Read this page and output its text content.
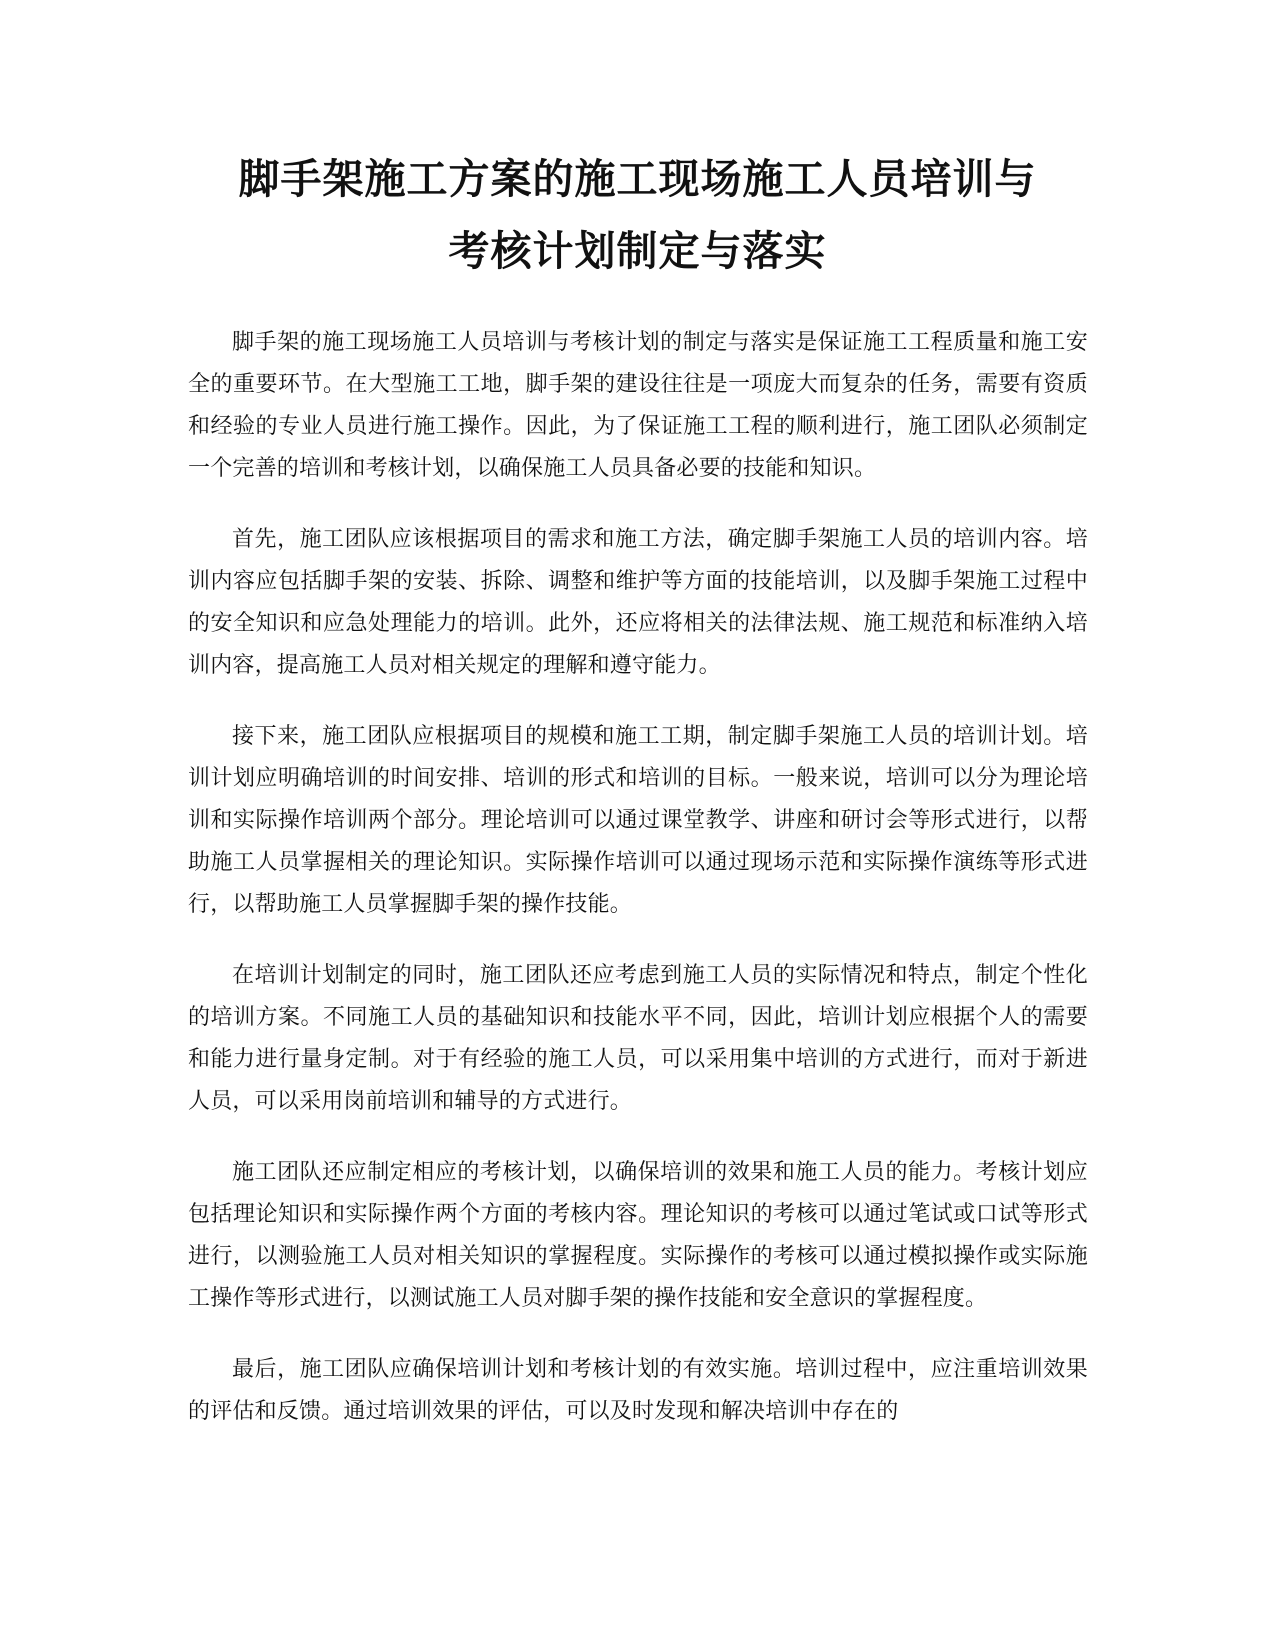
脚手架施工方案的施工现场施工人员培训与
考核计划制定与落实

脚手架的施工现场施工人员培训与考核计划的制定与落实是保证施工工程质量和施工安全的重要环节。在大型施工工地，脚手架的建设往往是一项庞大而复杂的任务，需要有资质和经验的专业人员进行施工操作。因此，为了保证施工工程的顺利进行，施工团队必须制定一个完善的培训和考核计划，以确保施工人员具备必要的技能和知识。

首先，施工团队应该根据项目的需求和施工方法，确定脚手架施工人员的培训内容。培训内容应包括脚手架的安装、拆除、调整和维护等方面的技能培训，以及脚手架施工过程中的安全知识和应急处理能力的培训。此外，还应将相关的法律法规、施工规范和标准纳入培训内容，提高施工人员对相关规定的理解和遵守能力。

接下来，施工团队应根据项目的规模和施工工期，制定脚手架施工人员的培训计划。培训计划应明确培训的时间安排、培训的形式和培训的目标。一般来说，培训可以分为理论培训和实际操作培训两个部分。理论培训可以通过课堂教学、讲座和研讨会等形式进行，以帮助施工人员掌握相关的理论知识。实际操作培训可以通过现场示范和实际操作演练等形式进行，以帮助施工人员掌握脚手架的操作技能。

在培训计划制定的同时，施工团队还应考虑到施工人员的实际情况和特点，制定个性化的培训方案。不同施工人员的基础知识和技能水平不同，因此，培训计划应根据个人的需要和能力进行量身定制。对于有经验的施工人员，可以采用集中培训的方式进行，而对于新进人员，可以采用岗前培训和辅导的方式进行。

施工团队还应制定相应的考核计划，以确保培训的效果和施工人员的能力。考核计划应包括理论知识和实际操作两个方面的考核内容。理论知识的考核可以通过笔试或口试等形式进行，以测验施工人员对相关知识的掌握程度。实际操作的考核可以通过模拟操作或实际施工操作等形式进行，以测试施工人员对脚手架的操作技能和安全意识的掌握程度。

最后，施工团队应确保培训计划和考核计划的有效实施。培训过程中，应注重培训效果的评估和反馈。通过培训效果的评估，可以及时发现和解决培训中存在的
